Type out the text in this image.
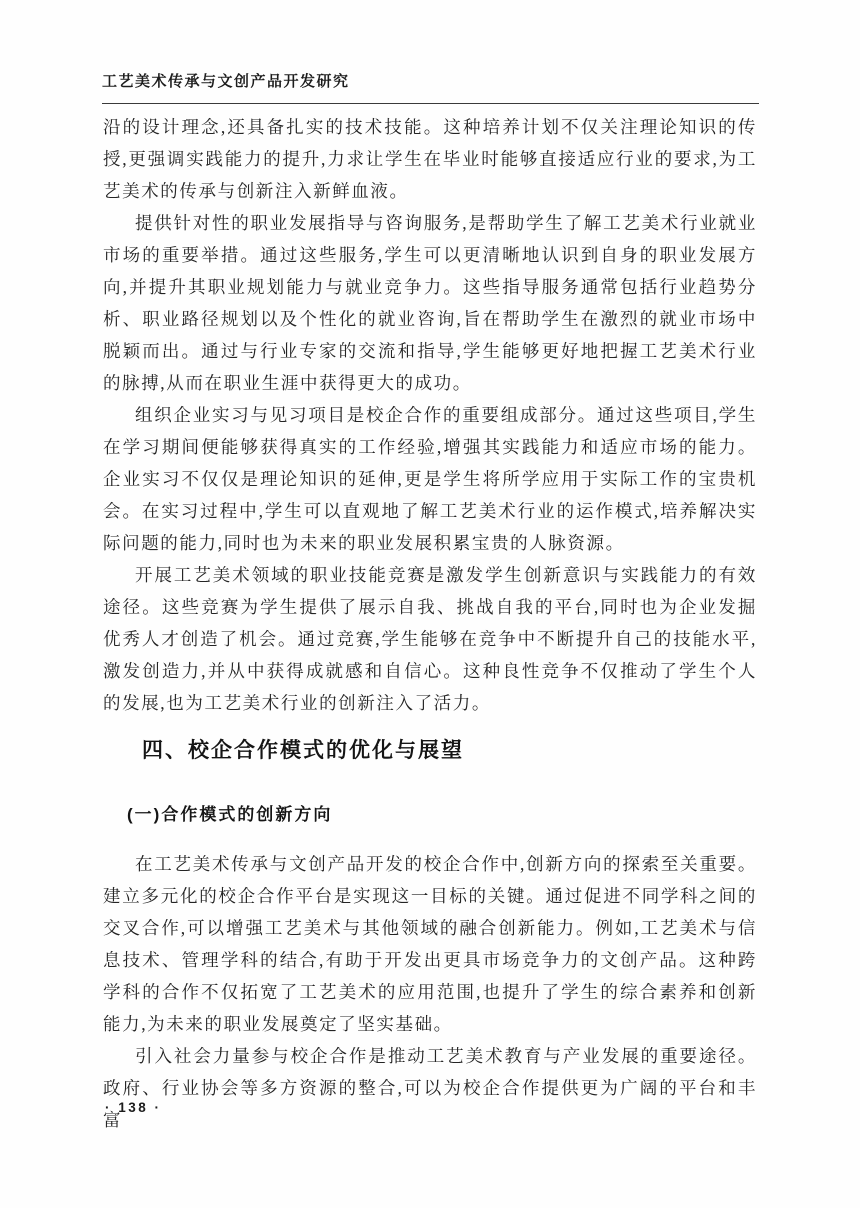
工艺美术传承与文创产品开发研究

沿的设计理念,还具备扎实的技术技能。这种培养计划不仅关注理论知识的传授,更强调实践能力的提升,力求让学生在毕业时能够直接适应行业的要求,为工艺美术的传承与创新注入新鲜血液。

提供针对性的职业发展指导与咨询服务,是帮助学生了解工艺美术行业就业市场的重要举措。通过这些服务,学生可以更清晰地认识到自身的职业发展方向,并提升其职业规划能力与就业竞争力。这些指导服务通常包括行业趋势分析、职业路径规划以及个性化的就业咨询,旨在帮助学生在激烈的就业市场中脱颖而出。通过与行业专家的交流和指导,学生能够更好地把握工艺美术行业的脉搏,从而在职业生涯中获得更大的成功。

组织企业实习与见习项目是校企合作的重要组成部分。通过这些项目,学生在学习期间便能够获得真实的工作经验,增强其实践能力和适应市场的能力。企业实习不仅仅是理论知识的延伸,更是学生将所学应用于实际工作的宝贵机会。在实习过程中,学生可以直观地了解工艺美术行业的运作模式,培养解决实际问题的能力,同时也为未来的职业发展积累宝贵的人脉资源。

开展工艺美术领域的职业技能竞赛是激发学生创新意识与实践能力的有效途径。这些竞赛为学生提供了展示自我、挑战自我的平台,同时也为企业发掘优秀人才创造了机会。通过竞赛,学生能够在竞争中不断提升自己的技能水平,激发创造力,并从中获得成就感和自信心。这种良性竞争不仅推动了学生个人的发展,也为工艺美术行业的创新注入了活力。

四、校企合作模式的优化与展望
(一)合作模式的创新方向

在工艺美术传承与文创产品开发的校企合作中,创新方向的探索至关重要。建立多元化的校企合作平台是实现这一目标的关键。通过促进不同学科之间的交叉合作,可以增强工艺美术与其他领域的融合创新能力。例如,工艺美术与信息技术、管理学科的结合,有助于开发出更具市场竞争力的文创产品。这种跨学科的合作不仅拓宽了工艺美术的应用范围,也提升了学生的综合素养和创新能力,为未来的职业发展奠定了坚实基础。

引入社会力量参与校企合作是推动工艺美术教育与产业发展的重要途径。政府、行业协会等多方资源的整合,可以为校企合作提供更为广阔的平台和丰富

· 138 ·
